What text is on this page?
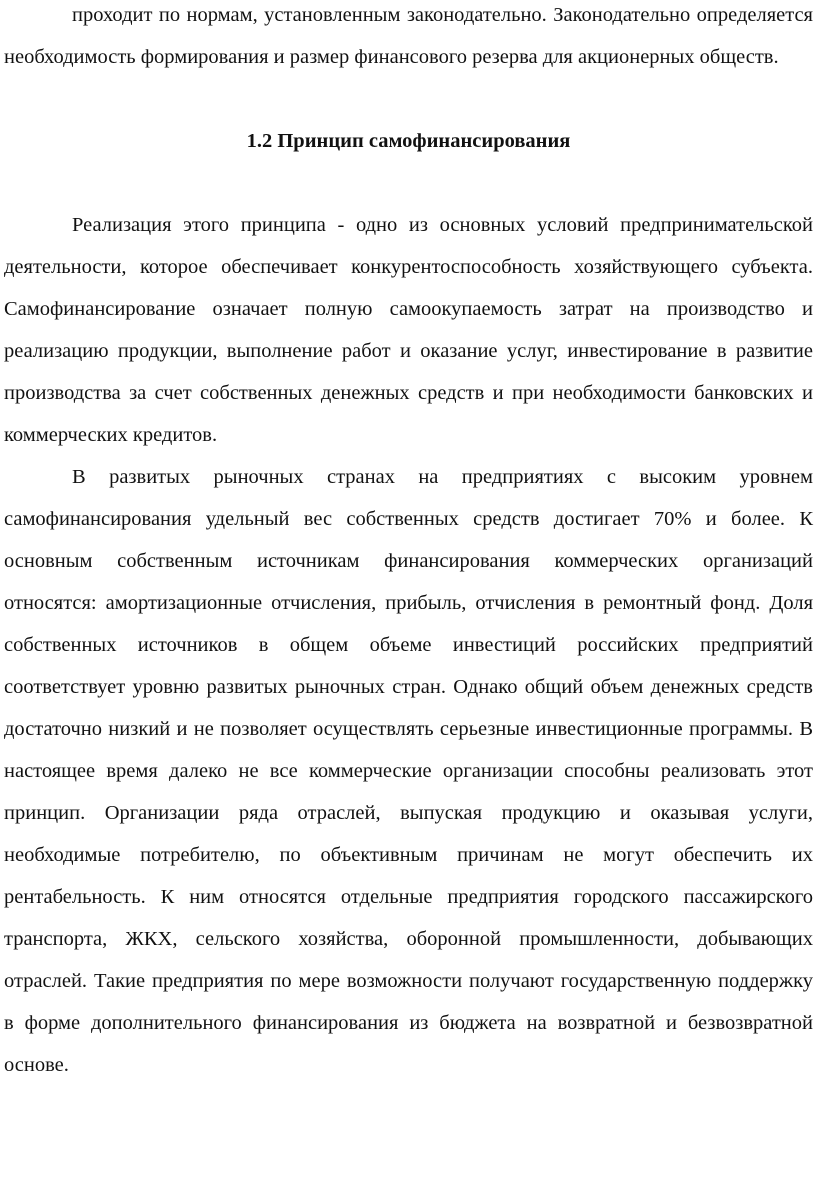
проходит по нормам, установленным законодательно. Законодательно определяется необходимость формирования и размер финансового резерва для акционерных обществ.

1.2 Принцип самофинансирования

Реализация этого принципа - одно из основных условий предпринимательской деятельности, которое обеспечивает конкурентоспособность хозяйствующего субъекта. Самофинансирование означает полную самоокупаемость затрат на производство и реализацию продукции, выполнение работ и оказание услуг, инвестирование в развитие производства за счет собственных денежных средств и при необходимости банковских и коммерческих кредитов.

В развитых рыночных странах на предприятиях с высоким уровнем самофинансирования удельный вес собственных средств достигает 70% и более. К основным собственным источникам финансирования коммерческих организаций относятся: амортизационные отчисления, прибыль, отчисления в ремонтный фонд. Доля собственных источников в общем объеме инвестиций российских предприятий соответствует уровню развитых рыночных стран. Однако общий объем денежных средств достаточно низкий и не позволяет осуществлять серьезные инвестиционные программы. В настоящее время далеко не все коммерческие организации способны реализовать этот принцип. Организации ряда отраслей, выпуская продукцию и оказывая услуги, необходимые потребителю, по объективным причинам не могут обеспечить их рентабельность. К ним относятся отдельные предприятия городского пассажирского транспорта, ЖКХ, сельского хозяйства, оборонной промышленности, добывающих отраслей. Такие предприятия по мере возможности получают государственную поддержку в форме дополнительного финансирования из бюджета на возвратной и безвозвратной основе.
